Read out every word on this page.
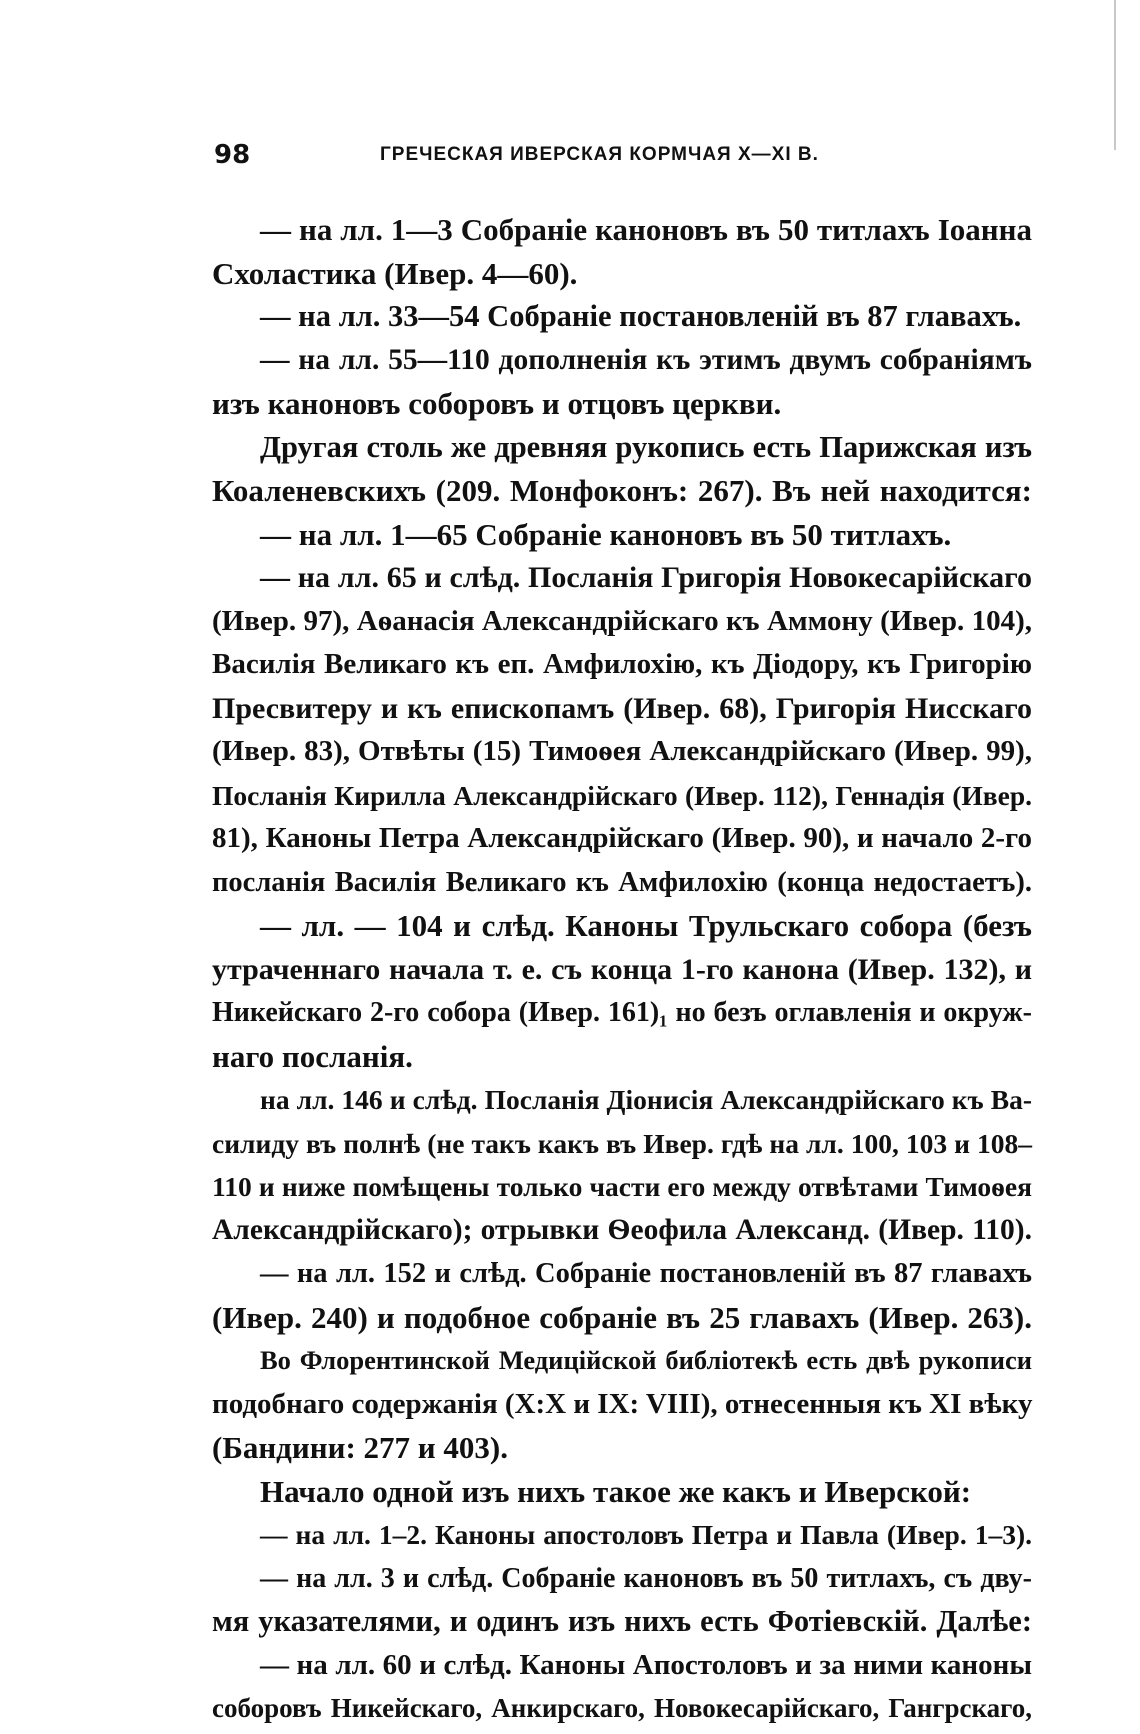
98	ГРЕЧЕСКАЯ ИВЕРСКАЯ КОРМЧАЯ X—XI В.
— на лл. 1—3 Собраніе каноновъ въ 50 титлахъ Іоанна
Схоластика (Ивер. 4—60).
— на лл. 33—54 Собраніе постановленій въ 87 главахъ.
— на лл. 55—110 дополненія къ этимъ двумъ собраніямъ
изъ каноновъ соборовъ и отцовъ церкви.
Другая столь же древняя рукопись есть Парижская изъ
Коаленевскихъ (209. Монфоконъ: 267). Въ ней находится:
— на лл. 1—65 Собраніе каноновъ въ 50 титлахъ.
— на лл. 65 и слѣд. Посланія Григорія Новокесарійскаго
(Ивер. 97), Аѳанасія Александрійскаго къ Аммону (Ивер. 104),
Василія Великаго къ еп. Амфилохію, къ Діодору, къ Григорію
Пресвитеру и къ епископамъ (Ивер. 68), Григорія Нисскаго
(Ивер. 83), Отвѣты (15) Тимоѳея Александрійскаго (Ивер. 99),
Посланія Кирилла Александрійскаго (Ивер. 112), Геннадія (Ивер.
81), Каноны Петра Александрійскаго (Ивер. 90), и начало 2-го
посланія Василія Великаго къ Амфилохію (конца недостаетъ).
— лл. — 104 и слѣд. Каноны Трульскаго собора (безъ
утраченнаго начала т. е. съ конца 1-го канона (Ивер. 132), и
Никейскаго 2-го собора (Ивер. 161)₁ но безъ оглавленія и окруж-
наго посланія.
на лл. 146 и слѣд. Посланія Діонисія Александрійскаго къ Ва-
силиду въ полнѣ (не такъ какъ въ Ивер. гдѣ на лл. 100, 103 и 108–
110 и ниже помѣщены только части его между отвѣтами Тимоѳея
Александрійскаго); отрывки Ѳеофила Александ. (Ивер. 110).
— на лл. 152 и слѣд. Собраніе постановленій въ 87 главахъ
(Ивер. 240) и подобное собраніе въ 25 главахъ (Ивер. 263).
Во Флорентинской Медиційской библіотекѣ есть двѣ рукописи
подобнаго содержанія (X:X и IX: VIII), отнесенныя къ XI вѣку
(Бандини: 277 и 403).
Начало одной изъ нихъ такое же какъ и Иверской:
— на лл. 1–2. Каноны апостоловъ Петра и Павла (Ивер. 1–3).
— на лл. 3 и слѣд. Собраніе каноновъ въ 50 титлахъ, съ дву-
мя указателями, и одинъ изъ нихъ есть Фотіевскій. Далѣе:
— на лл. 60 и слѣд. Каноны Апостоловъ и за ними каноны
соборовъ Никейскаго, Анкирскаго, Новокесарійскаго, Гангрскаго,
